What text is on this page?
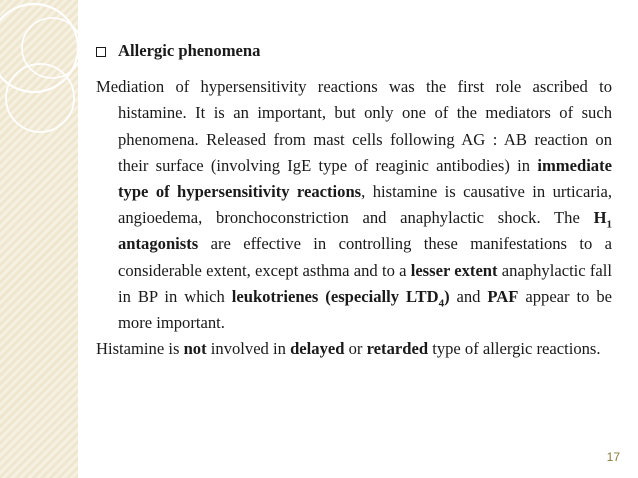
Allergic phenomena

Mediation of hypersensitivity reactions was the first role ascribed to histamine. It is an important, but only one of the mediators of such phenomena. Released from mast cells following AG : AB reaction on their surface (involving IgE type of reaginic antibodies) in immediate type of hypersensitivity reactions, histamine is causative in urticaria, angioedema, bronchoconstriction and anaphylactic shock. The $H_1$ antagonists are effective in controlling these manifestations to a considerable extent, except asthma and to a lesser extent anaphylactic fall in BP in which leukotrienes (especially $LTD_4$) and PAF appear to be more important.

Histamine is not involved in delayed or retarded type of allergic reactions.

17
